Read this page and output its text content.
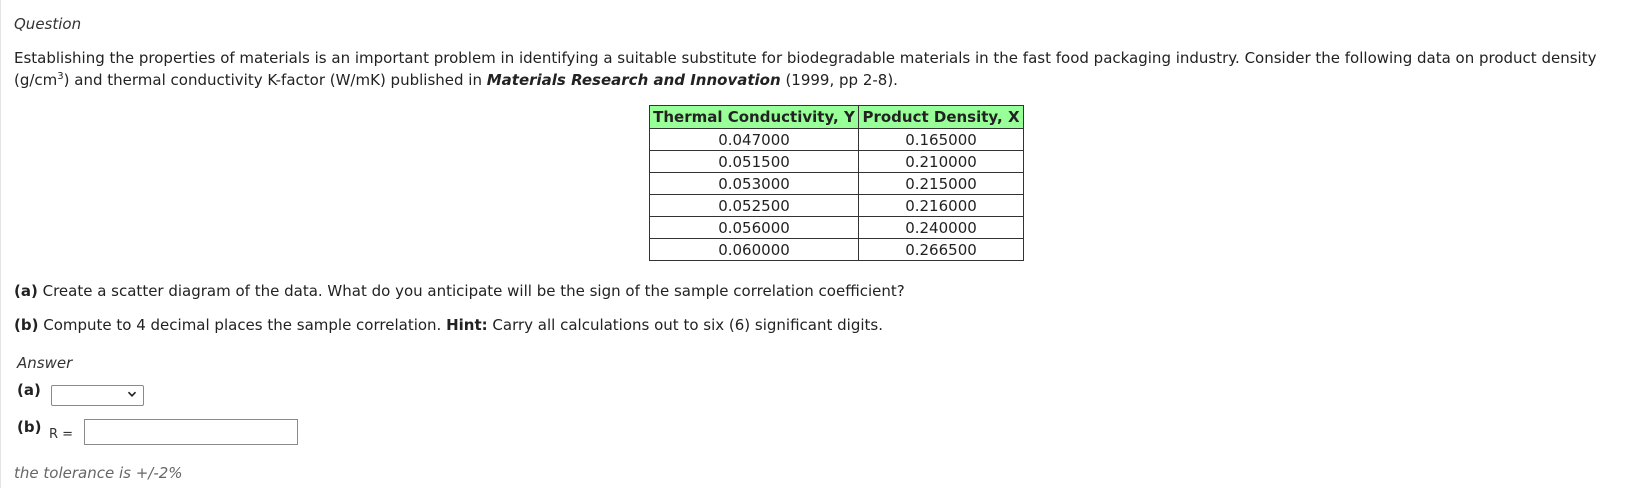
Question
Establishing the properties of materials is an important problem in identifying a suitable substitute for biodegradable materials in the fast food packaging industry. Consider the following data on product density $(g/cm^3)$ and thermal conductivity K-factor (W/mK) published in Materials Research and Innovation (1999, pp 2-8).
Thermal Conductivity, Y	Product Density, X
0.047000	0.165000
0.051500	0.210000
0.053000	0.215000
0.052500	0.216000
0.056000	0.240000
0.060000	0.266500
(a) Create a scatter diagram of the data. What do you anticipate will be the sign of the sample correlation coefficient?
(b) Compute to 4 decimal places the sample correlation. Hint: Carry all calculations out to six (6) significant digits.
Answer
(a)
(b) R =
the tolerance is +/-2%
